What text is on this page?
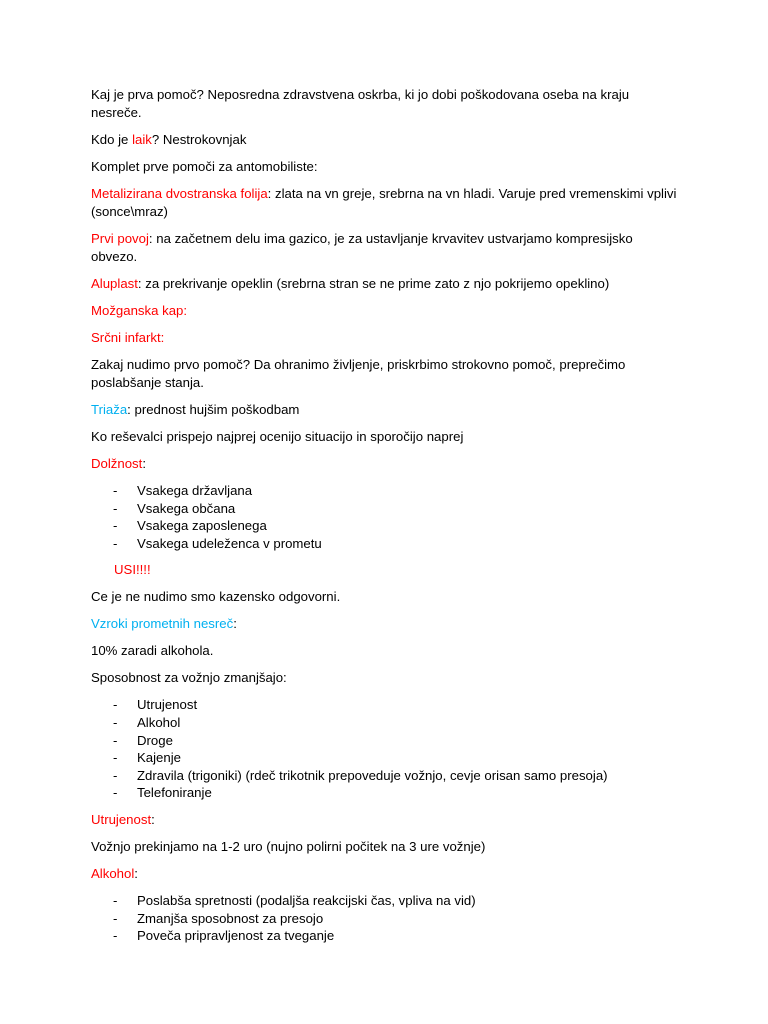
Kaj je prva pomoč? Neposredna zdravstvena oskrba, ki jo dobi poškodovana oseba na kraju nesreče.

Kdo je laik? Nestrokovnjak

Komplet prve pomoči za antomobiliste:

Metalizirana dvostranska folija: zlata na vn greje, srebrna na vn hladi. Varuje pred vremenskimi vplivi (sonce\mraz)

Prvi povoj: na začetnem delu ima gazico, je za ustavljanje krvavitev ustvarjamo kompresijsko obvezo.

Aluplast: za prekrivanje opeklin (srebrna stran se ne prime zato z njo pokrijemo opeklino)

Možganska kap:

Srčni infarkt:

Zakaj nudimo prvo pomoč? Da ohranimo življenje, priskrbimo strokovno pomoč, preprečimo poslabšanje stanja.

Triaža: prednost hujšim poškodbam

Ko reševalci prispejo najprej ocenijo situacijo in sporočijo naprej

Dolžnost:

- Vsakega državljana
- Vsakega občana
- Vsakega zaposlenega
- Vsakega udeleženca v prometu

USI!!!!

Ce je ne nudimo smo kazensko odgovorni.

Vzroki prometnih nesreč:

10% zaradi alkohola.

Sposobnost za vožnjo zmanjšajo:

- Utrujenost
- Alkohol
- Droge
- Kajenje
- Zdravila (trigoniki) (rdeč trikotnik prepoveduje vožnjo, cevje orisan samo presoja)
- Telefoniranje

Utrujenost:

Vožnjo prekinjamo na 1-2 uro (nujno polirni počitek na 3 ure vožnje)

Alkohol:

- Poslabša spretnosti (podaljša reakcijski čas, vpliva na vid)
- Zmanjša sposobnost za presojo
- Poveča pripravljenost za tveganje
